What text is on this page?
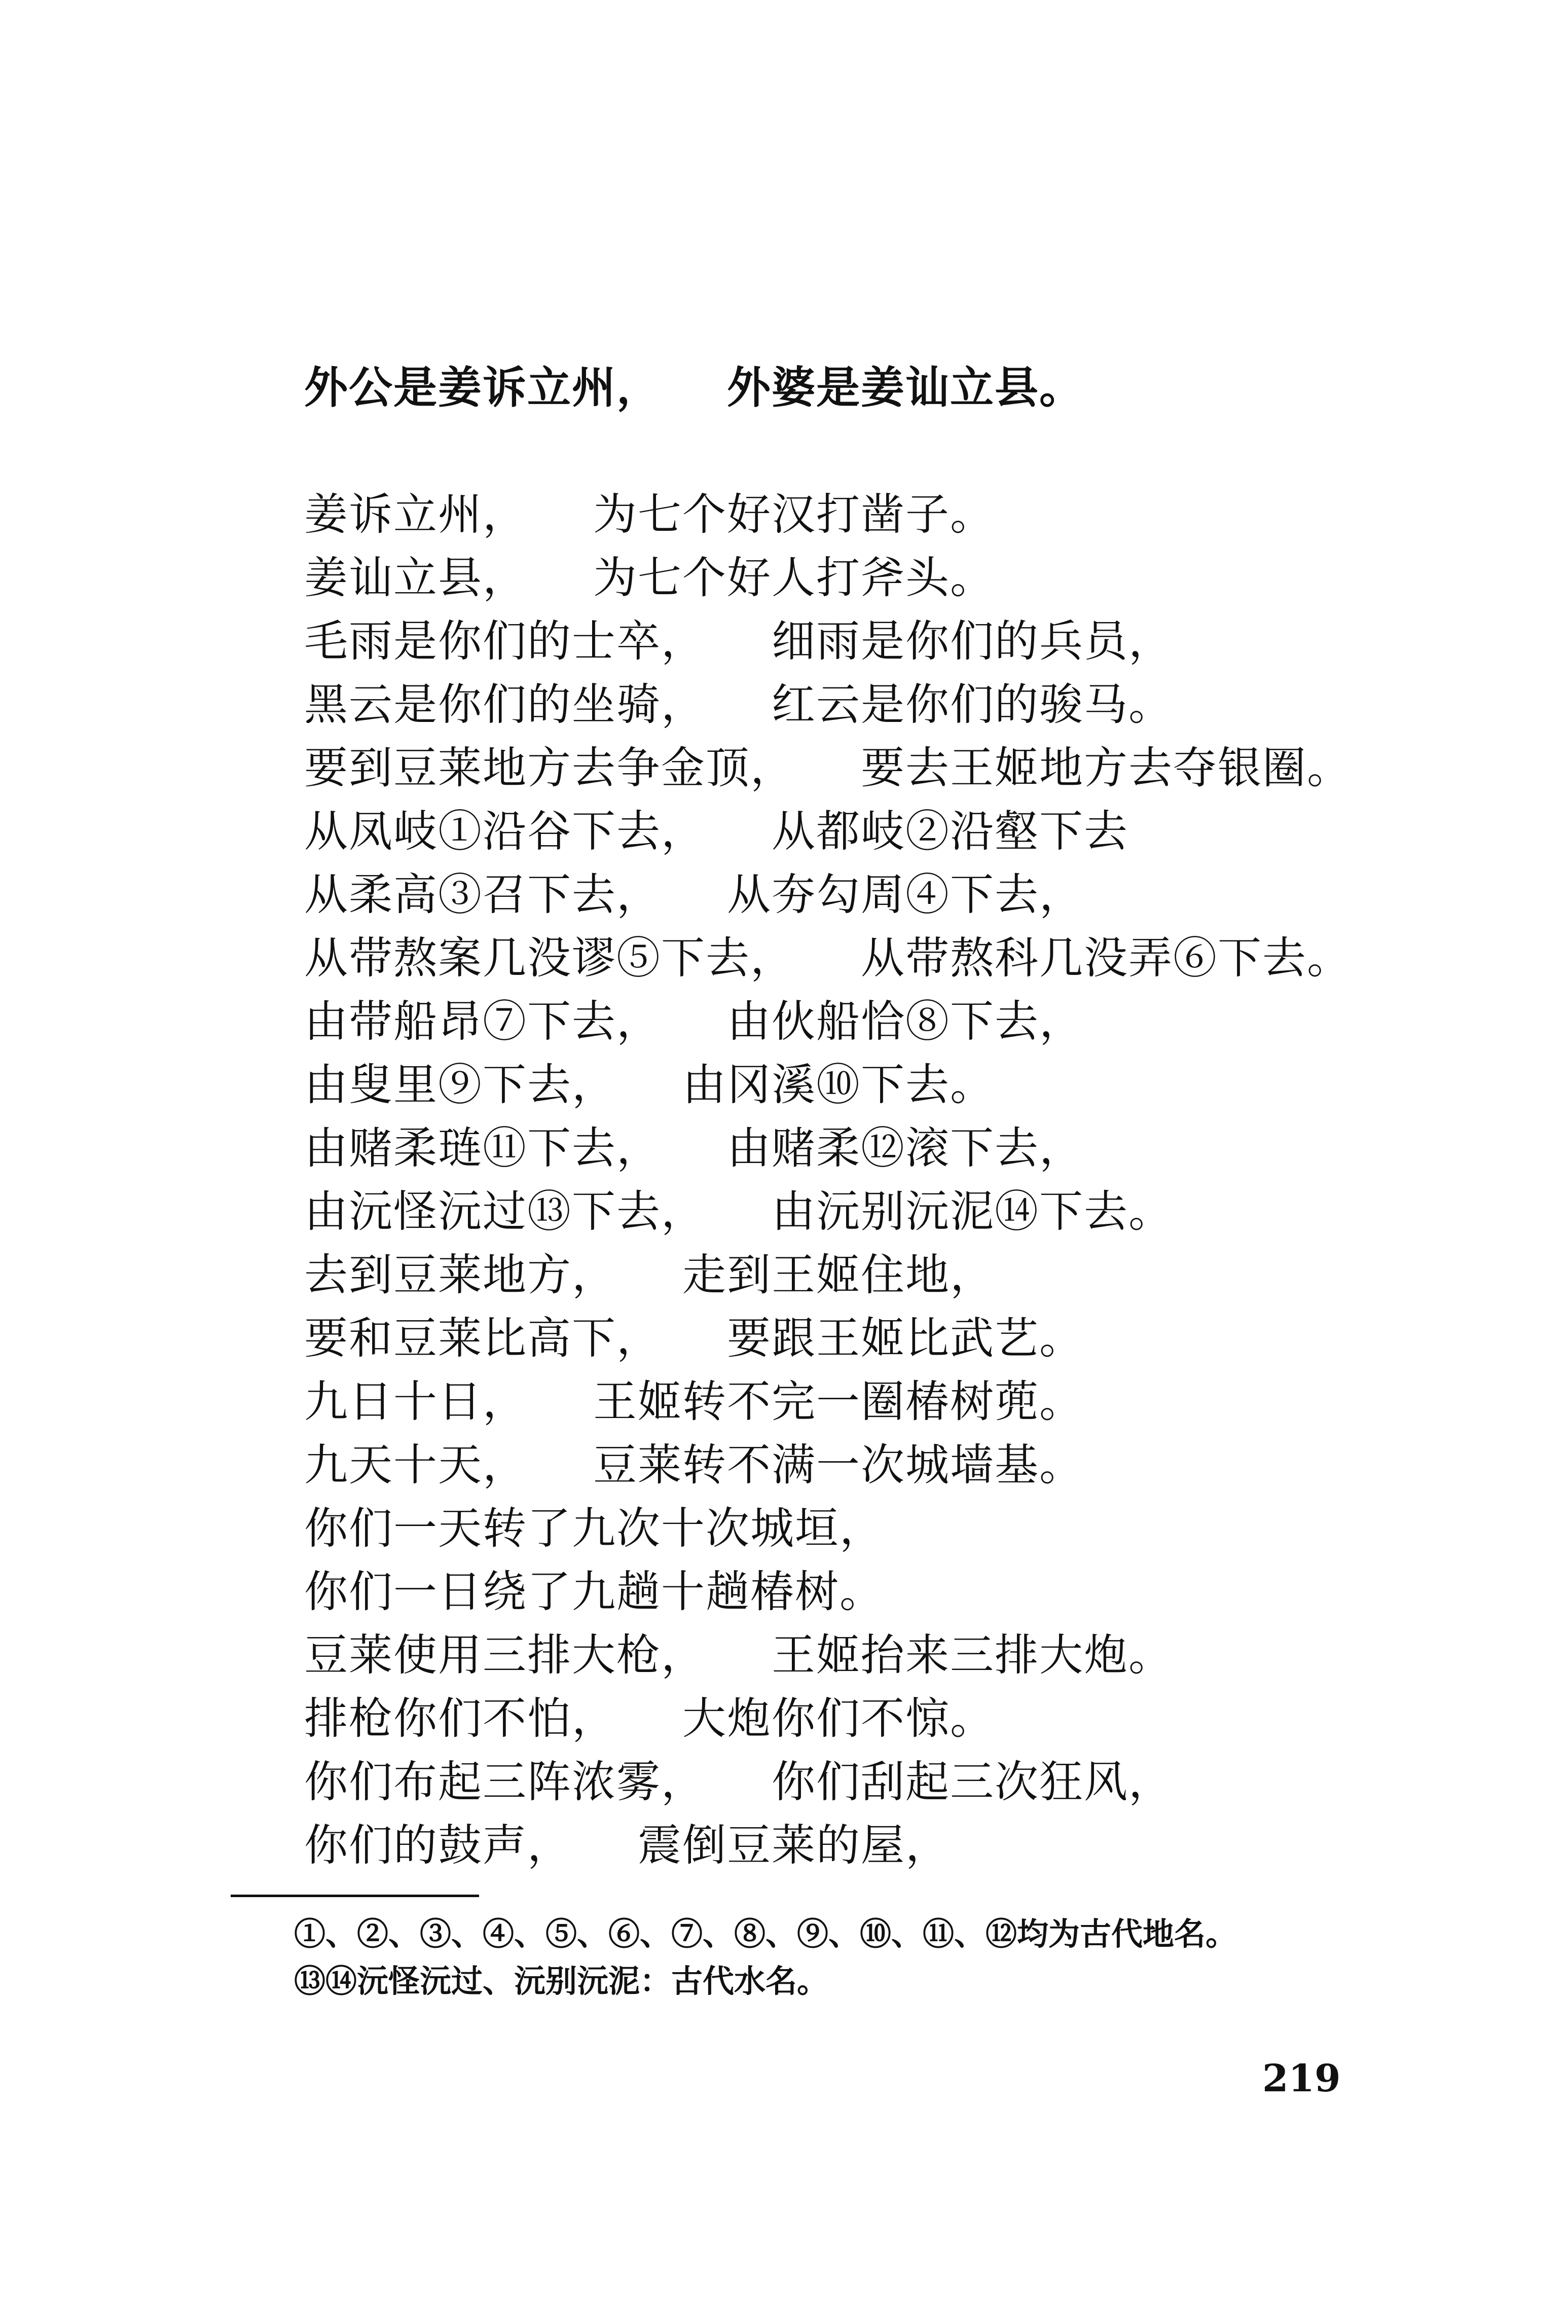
外公是姜诉立州， 外婆是姜讪立县。
姜诉立州， 为七个好汉打凿子。
姜讪立县， 为七个好人打斧头。
毛雨是你们的士卒， 细雨是你们的兵员，
黑云是你们的坐骑， 红云是你们的骏马。
要到豆莱地方去争金顶， 要去王姬地方去夺银圈。
从凤岐①沿谷下去， 从都岐②沿壑下去
从柔高③召下去， 从夯勾周④下去，
从带熬案几没谬⑤下去， 从带熬科几没弄⑥下去。
由带船昂⑦下去， 由伙船恰⑧下去，
由叟里⑨下去， 由冈溪⑩下去。
由赌柔琏⑪下去， 由赌柔⑫滚下去，
由沅怪沅过⑬下去， 由沅别沅泥⑭下去。
去到豆莱地方， 走到王姬住地，
要和豆莱比高下， 要跟王姬比武艺。
九日十日， 王姬转不完一圈椿树蔸。
九天十天， 豆莱转不满一次城墙基。
你们一天转了九次十次城垣，
你们一日绕了九趟十趟椿树。
豆莱使用三排大枪， 王姬抬来三排大炮。
排枪你们不怕， 大炮你们不惊。
你们布起三阵浓雾， 你们刮起三次狂风，
你们的鼓声， 震倒豆莱的屋，
①、②、③、④、⑤、⑥、⑦、⑧、⑨、⑩、⑪、⑫均为古代地名。
⑬⑭沅怪沅过、沅别沅泥：古代水名。
219
